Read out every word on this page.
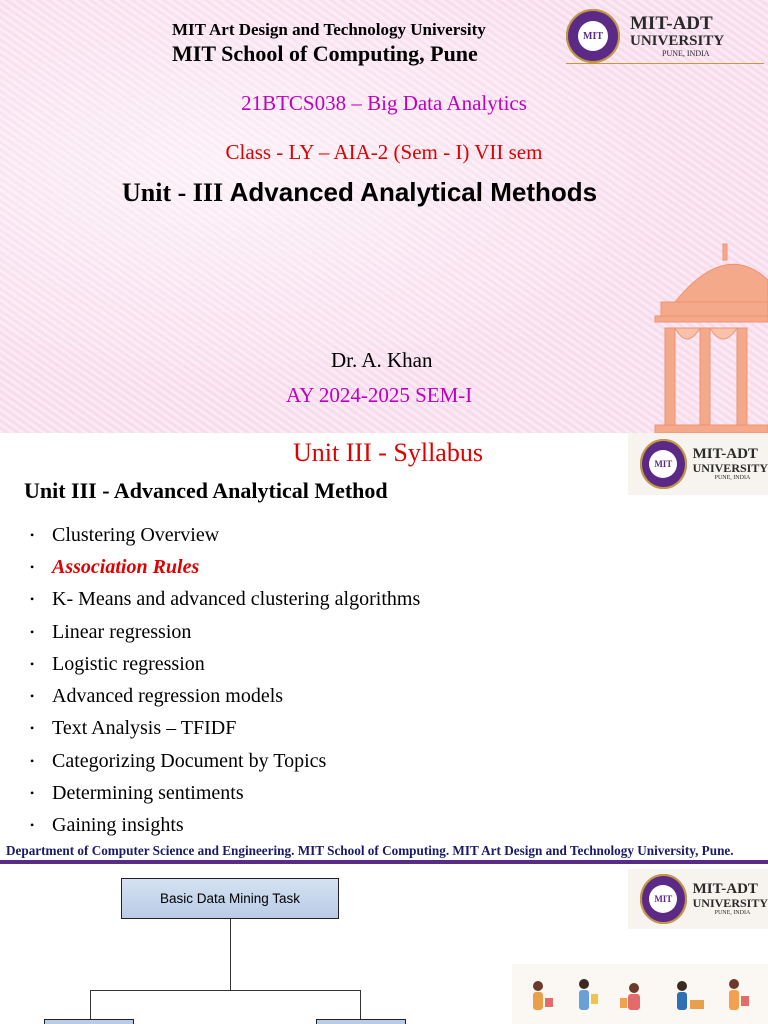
MIT Art Design and Technology University
MIT School of Computing, Pune
MIT
MIT-ADT
UNIVERSITY
PUNE, INDIA
21BTCS038 – Big Data Analytics
Class - LY – AIA-2 (Sem - I) VII sem
Unit - III Advanced Analytical Methods
Dr. A. Khan
AY 2024-2025 SEM-I
Unit III - Syllabus	MIT
MIT-ADT
UNIVERSITY
PUNE, INDIA
Unit III - Advanced Analytical Method
• Clustering Overview
• Association Rules
• K- Means and advanced clustering algorithms
• Linear regression
• Logistic regression
• Advanced regression models
• Text Analysis – TFIDF
• Categorizing Document by Topics
• Determining sentiments
• Gaining insights
Department of Computer Science and Engineering. MIT School of Computing. MIT Art Design and Technology University, Pune.
Basic Data Mining Task	MIT
MIT-ADT
UNIVERSITY
PUNE, INDIA
